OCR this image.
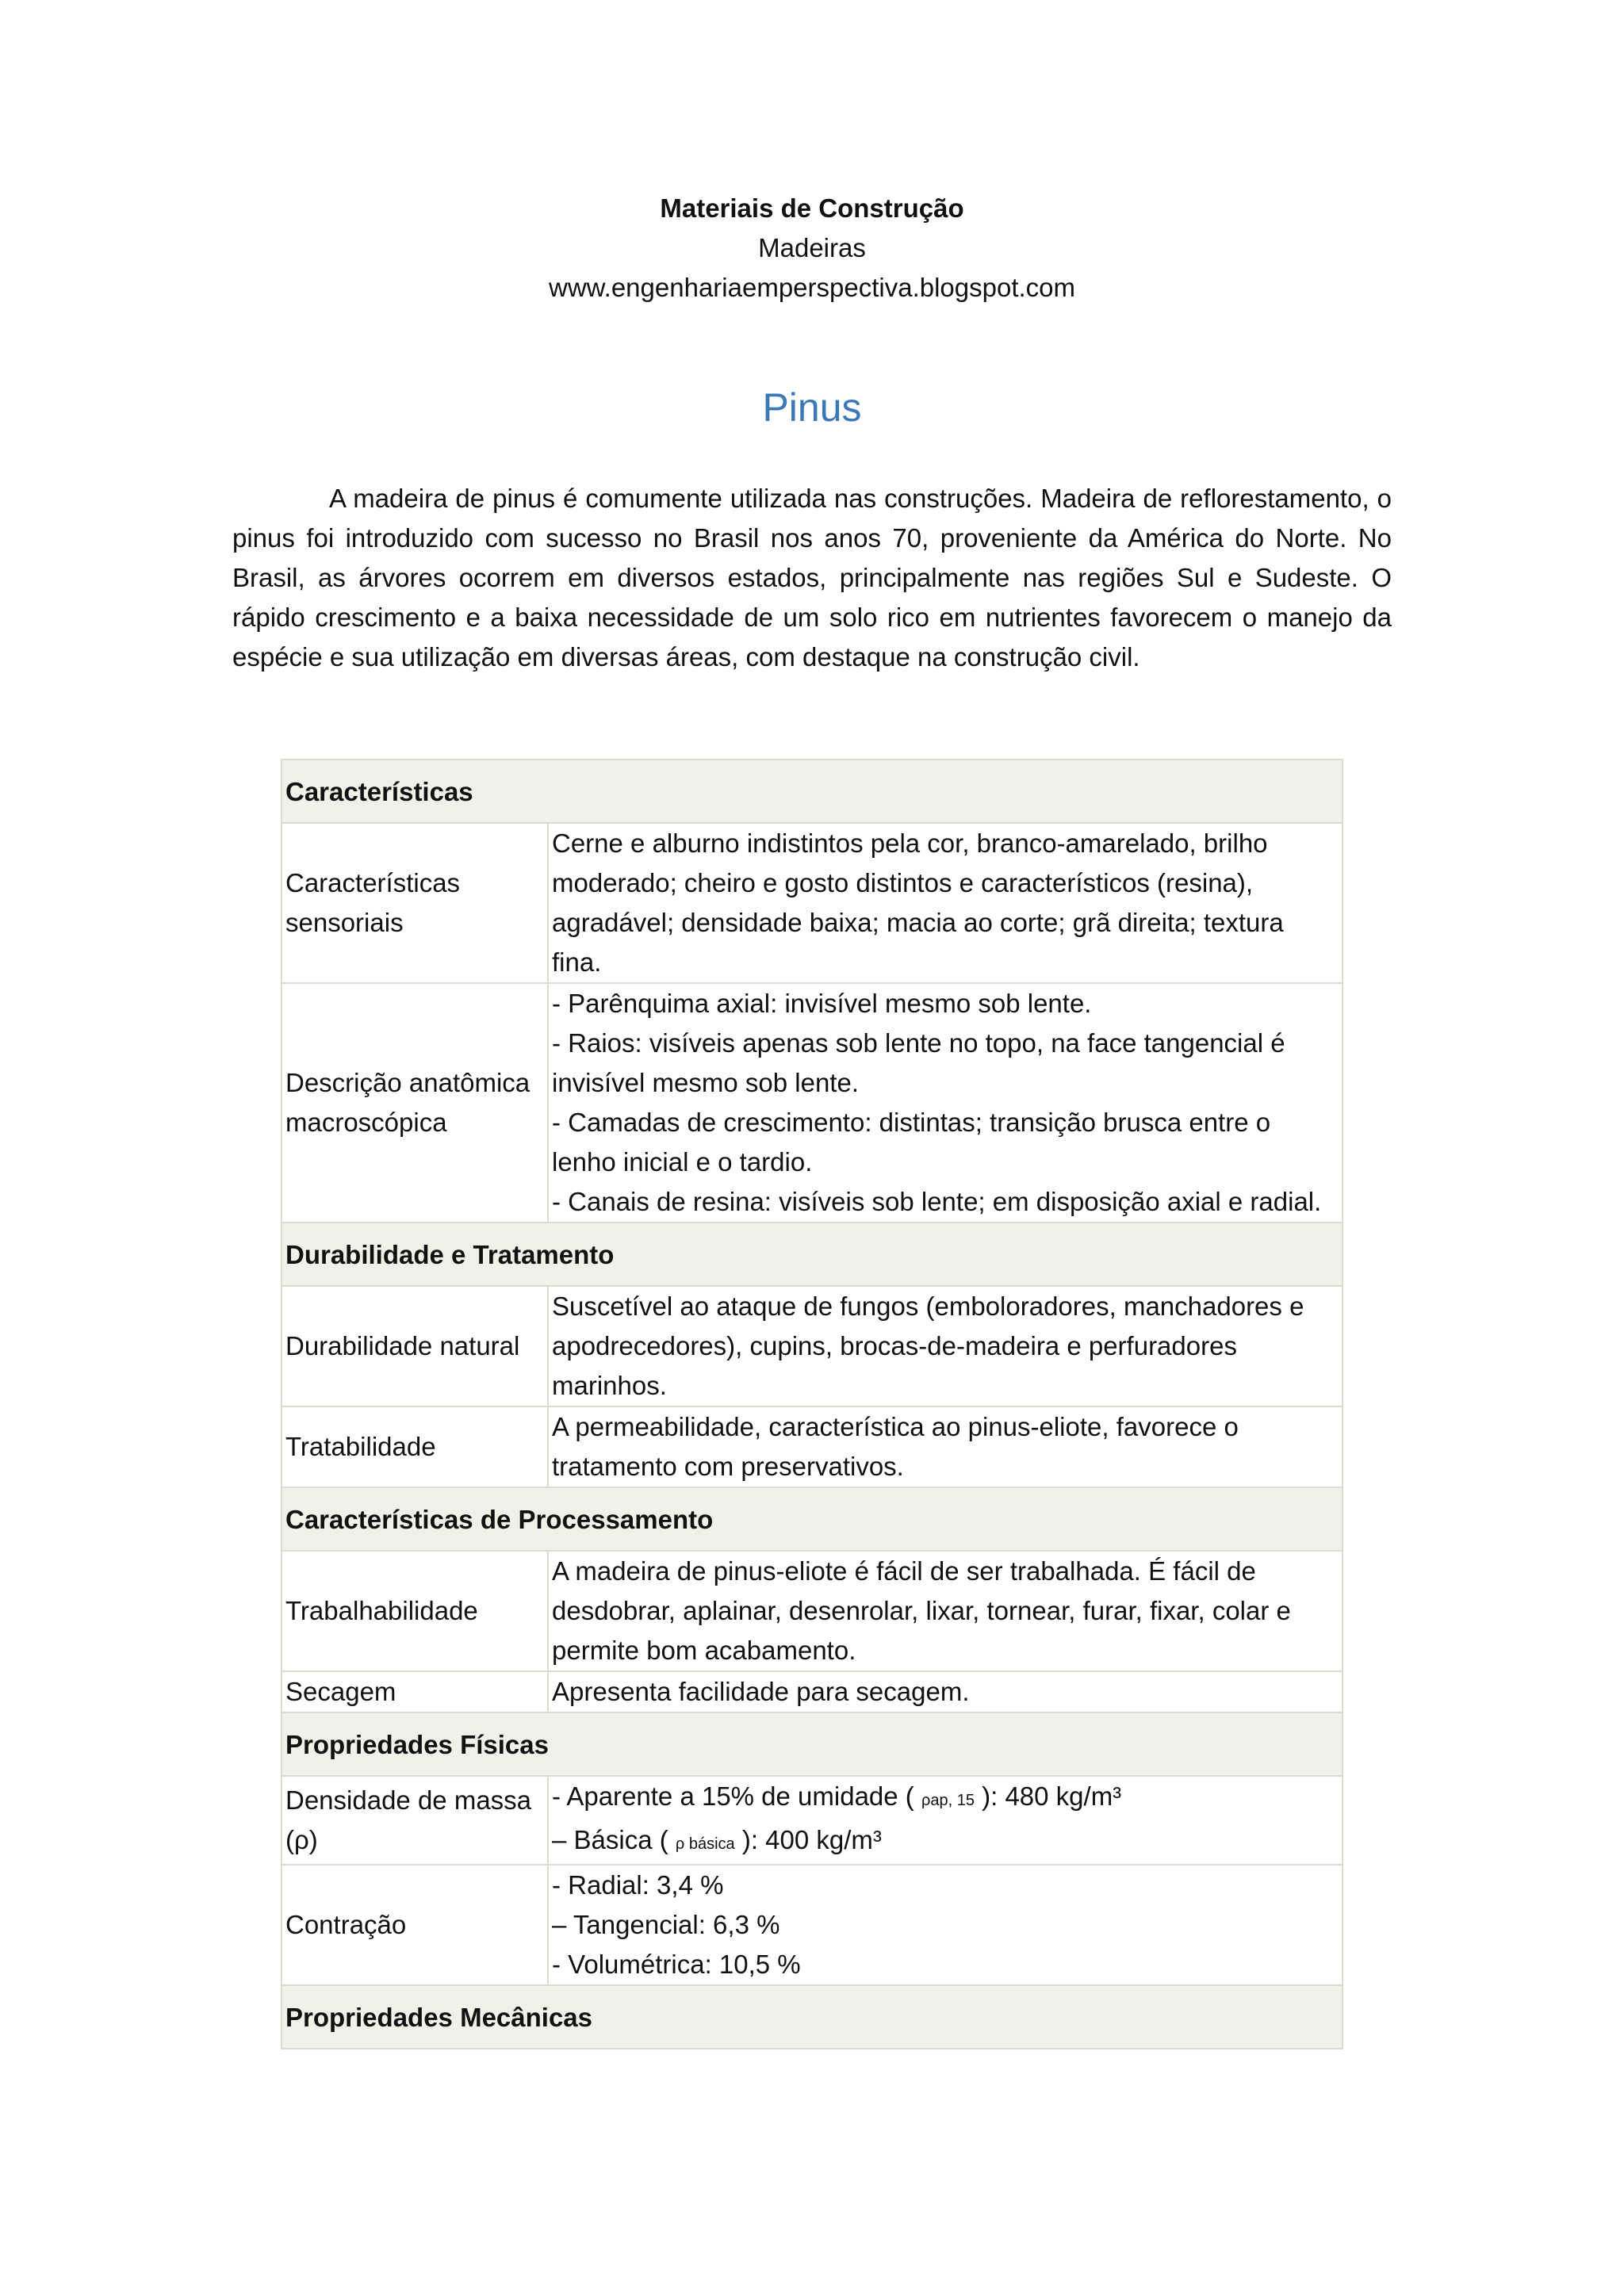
Materiais de Construção
Madeiras
www.engenhariaemperspectiva.blogspot.com
Pinus

A madeira de pinus é comumente utilizada nas construções. Madeira de reflorestamento, o pinus foi introduzido com sucesso no Brasil nos anos 70, proveniente da América do Norte. No Brasil, as árvores ocorrem em diversos estados, principalmente nas regiões Sul e Sudeste. O rápido crescimento e a baixa necessidade de um solo rico em nutrientes favorecem o manejo da espécie e sua utilização em diversas áreas, com destaque na construção civil.

Características	
Características sensoriais	Cerne e alburno indistintos pela cor, branco-amarelado, brilho moderado; cheiro e gosto distintos e característicos (resina), agradável; densidade baixa; macia ao corte; grã direita; textura fina.

Descrição anatômica macroscópica	- Parênquima axial: invisível mesmo sob lente.
- Raios: visíveis apenas sob lente no topo, na face tangencial é invisível mesmo sob lente.
- Camadas de crescimento: distintas; transição brusca entre o lenho inicial e o tardio.
- Canais de resina: visíveis sob lente; em disposição axial e radial.

Durabilidade e Tratamento	
Durabilidade natural	Suscetível ao ataque de fungos (emboloradores, manchadores e apodrecedores), cupins, brocas-de-madeira e perfuradores marinhos.

Tratabilidade	A permeabilidade, característica ao pinus-eliote, favorece o tratamento com preservativos.

Características de Processamento	
Trabalhabilidade	A madeira de pinus-eliote é fácil de ser trabalhada. É fácil de desdobrar, aplainar, desenrolar, lixar, tornear, furar, fixar, colar e permite bom acabamento.

Secagem	Apresenta facilidade para secagem.

Propriedades Físicas	
Densidade de massa (ρ)	- Aparente a 15% de umidade ( ρap, 15 ): 480 kg/m³
– Básica ( ρ básica ): 400 kg/m³

Contração	- Radial: 3,4 %
– Tangencial: 6,3 %
- Volumétrica: 10,5 %

Propriedades Mecânicas	
